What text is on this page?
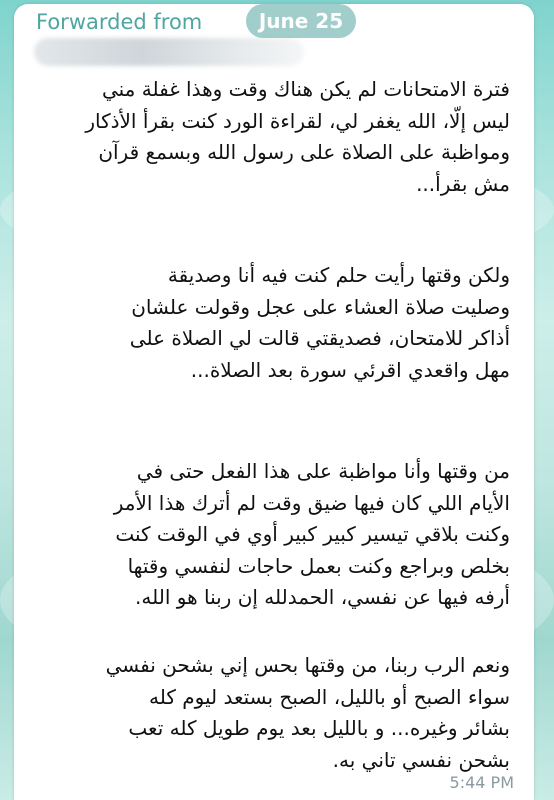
Forwarded from

فترة الامتحانات لم يكن هناك وقت وهذا غفلة مني
ليس إلّا، الله يغفر لي، لقراءة الورد كنت بقرأ الأذكار
ومواظبة على الصلاة على رسول الله وبسمع قرآن
مش بقرأ...

ولكن وقتها رأيت حلم كنت فيه أنا وصديقة
وصليت صلاة العشاء على عجل وقولت علشان
أذاكر للامتحان، فصديقتي قالت لي الصلاة على
مهل واقعدي اقرئي سورة بعد الصلاة...

من وقتها وأنا مواظبة على هذا الفعل حتى في
الأيام اللي كان فيها ضيق وقت لم أترك هذا الأمر
وكنت بلاقي تيسير كبير كبير أوي في الوقت كنت
بخلص وبراجع وكنت بعمل حاجات لنفسي وقتها
أرفه فيها عن نفسي، الحمدلله إن ربنا هو الله.

ونعم الرب ربنا، من وقتها بحس إني بشحن نفسي
سواء الصبح أو بالليل، الصبح بستعد ليوم كله
بشائر وغيره... و بالليل بعد يوم طويل كله تعب
بشحن نفسي تاني به.

5:44 PM
June 25
